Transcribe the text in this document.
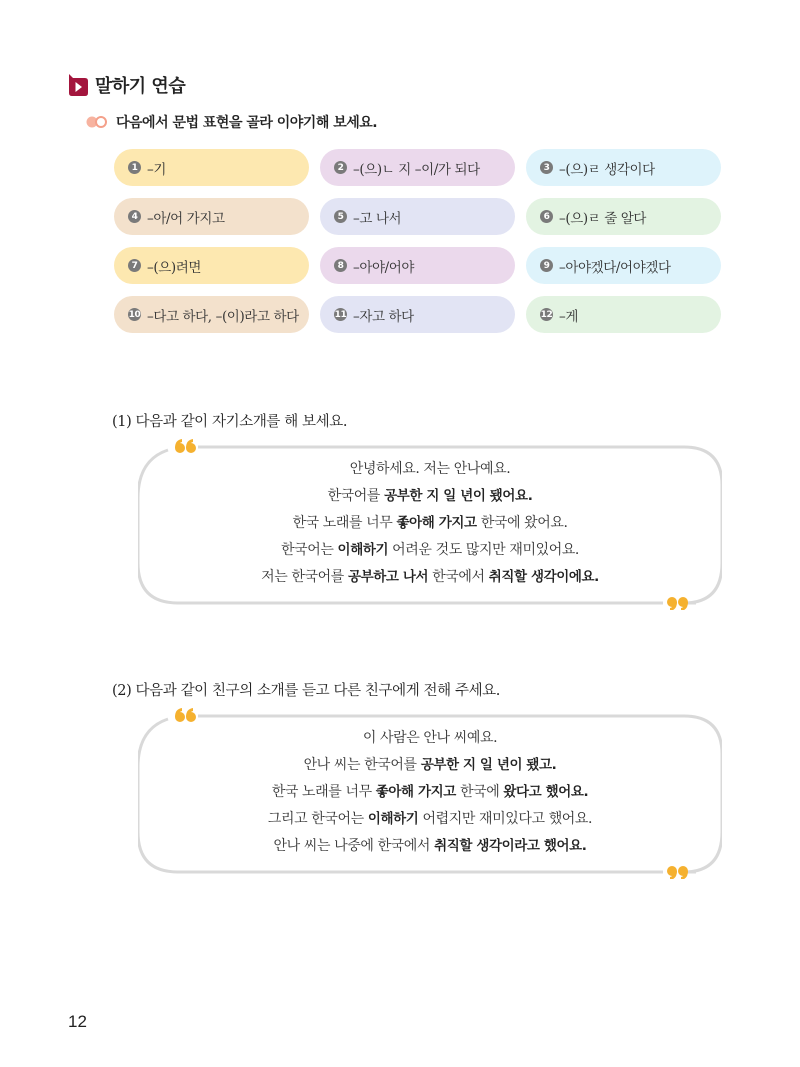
말하기 연습
다음에서 문법 표현을 골라 이야기해 보세요.
1 –기	2 –(으)ㄴ 지 –이/가 되다	3 –(으)ㄹ 생각이다
4 –아/어 가지고	5 –고 나서	6 –(으)ㄹ 줄 알다
7 –(으)려면	8 –아야/어야	9 –아야겠다/어야겠다
10 –다고 하다, –(이)라고 하다	11 –자고 하다	12 –게
(1) 다음과 같이 자기소개를 해 보세요.
안녕하세요. 저는 안나예요.
한국어를 공부한 지 일 년이 됐어요.
한국 노래를 너무 좋아해 가지고 한국에 왔어요.
한국어는 이해하기 어려운 것도 많지만 재미있어요.
저는 한국어를 공부하고 나서 한국에서 취직할 생각이에요.
(2) 다음과 같이 친구의 소개를 듣고 다른 친구에게 전해 주세요.
이 사람은 안나 씨예요.
안나 씨는 한국어를 공부한 지 일 년이 됐고.
한국 노래를 너무 좋아해 가지고 한국에 왔다고 했어요.
그리고 한국어는 이해하기 어렵지만 재미있다고 했어요.
안나 씨는 나중에 한국에서 취직할 생각이라고 했어요.
12
